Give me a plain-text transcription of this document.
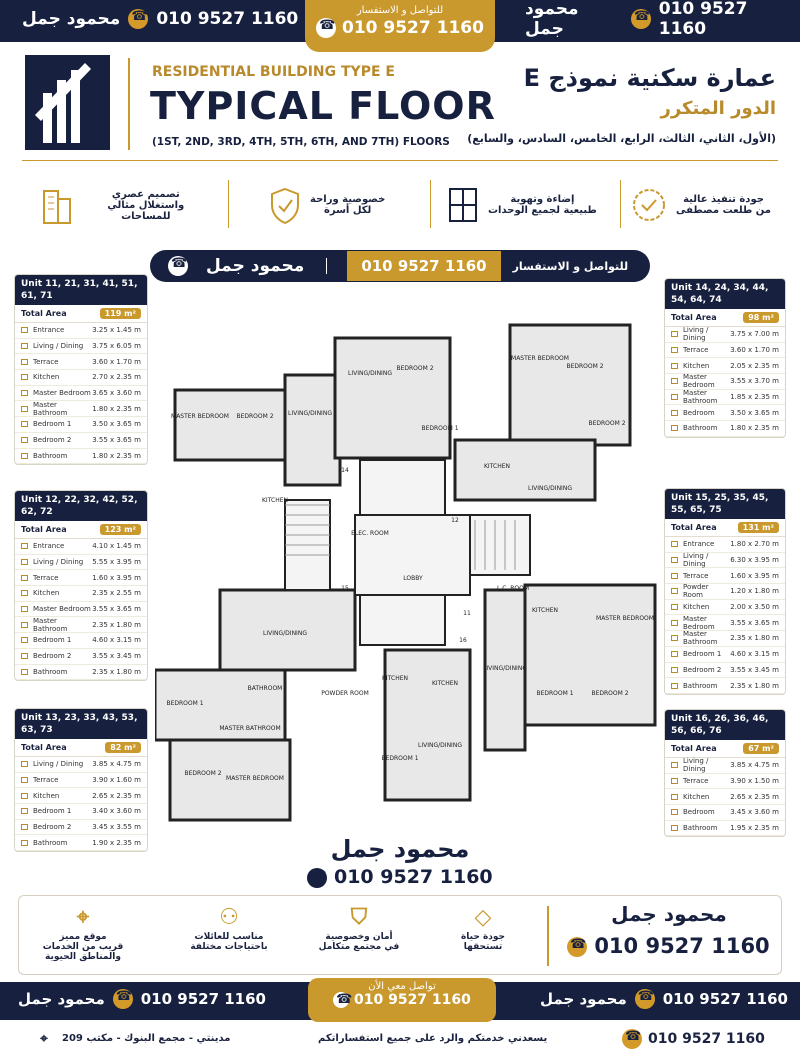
محمود جمل ☎ 010 9527 1160	محمود جمل
☎
010 9527 1160
للتواصل و الاستفسار
☎ 010 9527 1160
RESIDENTIAL BUILDING TYPE E
TYPICAL FLOOR
(1ST, 2ND, 3RD, 4TH, 5TH, 6TH, AND 7TH) FLOORS
عمارة سكنية نموذج E
الدور المتكرر
(الأول، الثاني، الثالث، الرابع، الخامس، السادس، والسابع)
تصميم عصري
واستغلال مثالي للمساحات
خصوصية وراحة
لكل أسرة
إضاءة وتهوية
طبيعية لجميع الوحدات
جودة تنفيذ عالية
من طلعت مصطفى
☎
محمود جمل	010 9527 1160	للتواصل و الاستفسار
Unit 11, 21, 31, 41, 51, 61, 71
Total Area	119 m²
Entrance	3.25 x 1.45 m
Living / Dining	3.75 x 6.05 m
Terrace	3.60 x 1.70 m
Kitchen	2.70 x 2.35 m
Master Bedroom 3.65 x 3.60 m
Master Bathroom	1.80 x 2.35 m
Bedroom 1	3.50 x 3.65 m
Bedroom 2	3.55 x 3.65 m
Bathroom	1.80 x 2.35 m
Unit 12, 22, 32, 42, 52, 62, 72
Total Area	123 m²
Entrance	4.10 x 1.45 m
Living / Dining	5.55 x 3.95 m
Terrace	1.60 x 3.95 m
Kitchen	2.35 x 2.55 m
Master Bedroom 3.55 x 3.65 m
Master Bathroom	2.35 x 1.80 m
Bedroom 1	4.60 x 3.15 m
Bedroom 2	3.55 x 3.45 m
Bathroom	2.35 x 1.80 m
Unit 13, 23, 33, 43, 53, 63, 73
Total Area	82 m²
Living / Dining	3.85 x 4.75 m
Terrace	3.90 x 1.60 m
Kitchen	2.65 x 2.35 m
Bedroom 1	3.40 x 3.60 m
Bedroom 2	3.45 x 3.55 m
Bathroom	1.90 x 2.35 m
Unit 14, 24, 34, 44, 54, 64, 74
Total Area	98 m²
Living / Dining	3.75 x 7.00 m
Terrace	3.60 x 1.70 m
Kitchen	2.05 x 2.35 m
Master Bedroom	3.55 x 3.70 m
Master Bathroom	1.85 x 2.35 m
Bedroom	3.50 x 3.65 m
Bathroom	1.80 x 2.35 m
Unit 15, 25, 35, 45, 55, 65, 75
Total Area	131 m²
Entrance	1.80 x 2.70 m
Living / Dining	6.30 x 3.95 m
Terrace	1.60 x 3.95 m
Powder Room	1.20 x 1.80 m
Kitchen	2.00 x 3.50 m
Master Bedroom	3.55 x 3.65 m
Master Bathroom	2.35 x 1.80 m
Bedroom 1	4.60 x 3.15 m
Bedroom 2	3.55 x 3.45 m
Bathroom	2.35 x 1.80 m
Unit 16, 26, 36, 46, 56, 66, 76
Total Area	67 m²
Living / Dining	3.85 x 4.75 m
Terrace	3.90 x 1.50 m
Kitchen	2.65 x 2.35 m
Bedroom	3.45 x 3.60 m
Bathroom	1.95 x 2.35 m
LOBBY
ELEC. ROOM
L.C. ROOM
LIVING/DINING
LIVING/DINING
LIVING/DINING
LIVING/DINING
LIVING/DINING
LIVING/DINING
MASTER BEDROOM BEDROOM 2
BEDROOM 2
BEDROOM 1
MASTER BEDROOM
BEDROOM 2
BEDROOM 2
KITCHEN
KITCHEN
KITCHEN
KITCHEN
KITCHEN
BEDROOM 1
BEDROOM 2
MASTER BEDROOM
MASTER BATHROOM
BATHROOM
POWDER ROOM
BEDROOM 1
BEDROOM 1	BEDROOM 2
MASTER BEDROOM
14
12
15
11
16
محمود جمل
☎ 010 9527 1160
⌖
موقع مميز
قريب من الخدمات
والمناطق الحيوية
⚇
مناسب للعائلات
باحتياجات مختلفة
⛉
أمان وخصوصية
في مجتمع متكامل
◇
جودة حياة
تستحقها
محمود جمل
☎ 010 9527 1160
محمود جمل ☎ 010 9527 1160
تواصل معي الأن
☎ 010 9527 1160	محمود جمل ☎ 010 9527 1160
⌖ مدينتي - مجمع البنوك - مكتب 209	يسعدني خدمتكم والرد على جميع استفساراتكم ☎	010 9527 1160
